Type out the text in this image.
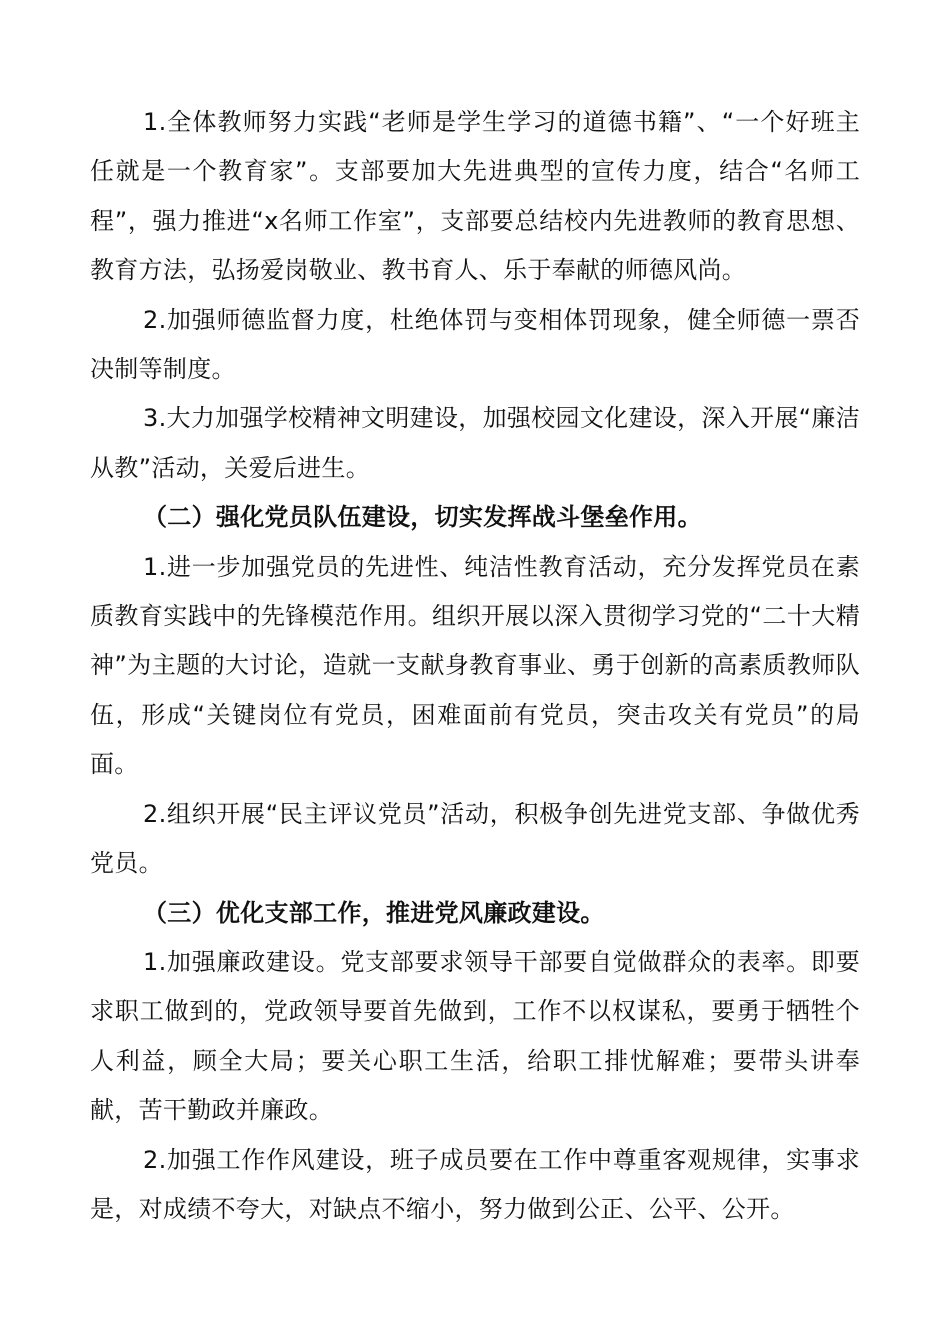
1.全体教师努力实践“老师是学生学习的道德书籍”、“一个好班主任就是一个教育家”。支部要加大先进典型的宣传力度，结合“名师工程”，强力推进“x名师工作室”，支部要总结校内先进教师的教育思想、教育方法，弘扬爱岗敬业、教书育人、乐于奉献的师德风尚。

2.加强师德监督力度，杜绝体罚与变相体罚现象，健全师德一票否决制等制度。

3.大力加强学校精神文明建设，加强校园文化建设，深入开展“廉洁从教”活动，关爱后进生。

（二）强化党员队伍建设，切实发挥战斗堡垒作用。

1.进一步加强党员的先进性、纯洁性教育活动，充分发挥党员在素质教育实践中的先锋模范作用。组织开展以深入贯彻学习党的“二十大精神”为主题的大讨论，造就一支献身教育事业、勇于创新的高素质教师队伍，形成“关键岗位有党员，困难面前有党员，突击攻关有党员”的局面。

2.组织开展“民主评议党员”活动，积极争创先进党支部、争做优秀党员。

（三）优化支部工作，推进党风廉政建设。

1.加强廉政建设。党支部要求领导干部要自觉做群众的表率。即要求职工做到的，党政领导要首先做到，工作不以权谋私，要勇于牺牲个人利益，顾全大局；要关心职工生活，给职工排忧解难；要带头讲奉献，苦干勤政并廉政。

2.加强工作作风建设，班子成员要在工作中尊重客观规律，实事求是，对成绩不夸大，对缺点不缩小，努力做到公正、公平、公开。
